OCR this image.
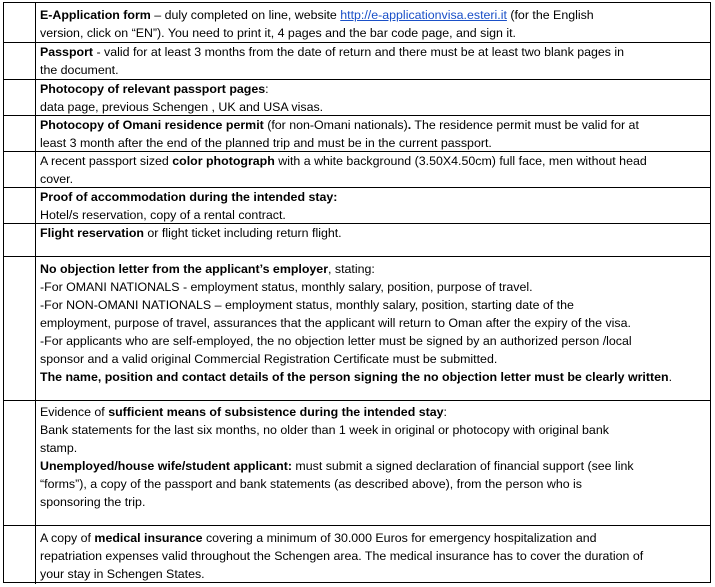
E-Application form – duly completed on line, website http://e-applicationvisa.esteri.it (for the English
version, click on “EN”). You need to print it, 4 pages and the bar code page, and sign it.
Passport - valid for at least 3 months from the date of return and there must be at least two blank pages in
the document.
Photocopy of relevant passport pages:
data page, previous Schengen , UK and USA visas.
Photocopy of Omani residence permit (for non-Omani nationals). The residence permit must be valid for at
least 3 month after the end of the planned trip and must be in the current passport.
A recent passport sized color photograph with a white background (3.50X4.50cm) full face, men without head
cover.
Proof of accommodation during the intended stay:
Hotel/s reservation, copy of a rental contract.
Flight reservation or flight ticket including return flight.
No objection letter from the applicant’s employer, stating:
-For OMANI NATIONALS - employment status, monthly salary, position, purpose of travel.
-For NON-OMANI NATIONALS – employment status, monthly salary, position, starting date of the
employment, purpose of travel, assurances that the applicant will return to Oman after the expiry of the visa.
-For applicants who are self-employed, the no objection letter must be signed by an authorized person /local
sponsor and a valid original Commercial Registration Certificate must be submitted.
The name, position and contact details of the person signing the no objection letter must be clearly written.
Evidence of sufficient means of subsistence during the intended stay:
Bank statements for the last six months, no older than 1 week in original or photocopy with original bank
stamp.
Unemployed/house wife/student applicant: must submit a signed declaration of financial support (see link
“forms”), a copy of the passport and bank statements (as described above), from the person who is
sponsoring the trip.
A copy of medical insurance covering a minimum of 30.000 Euros for emergency hospitalization and
repatriation expenses valid throughout the Schengen area. The medical insurance has to cover the duration of
your stay in Schengen States.
